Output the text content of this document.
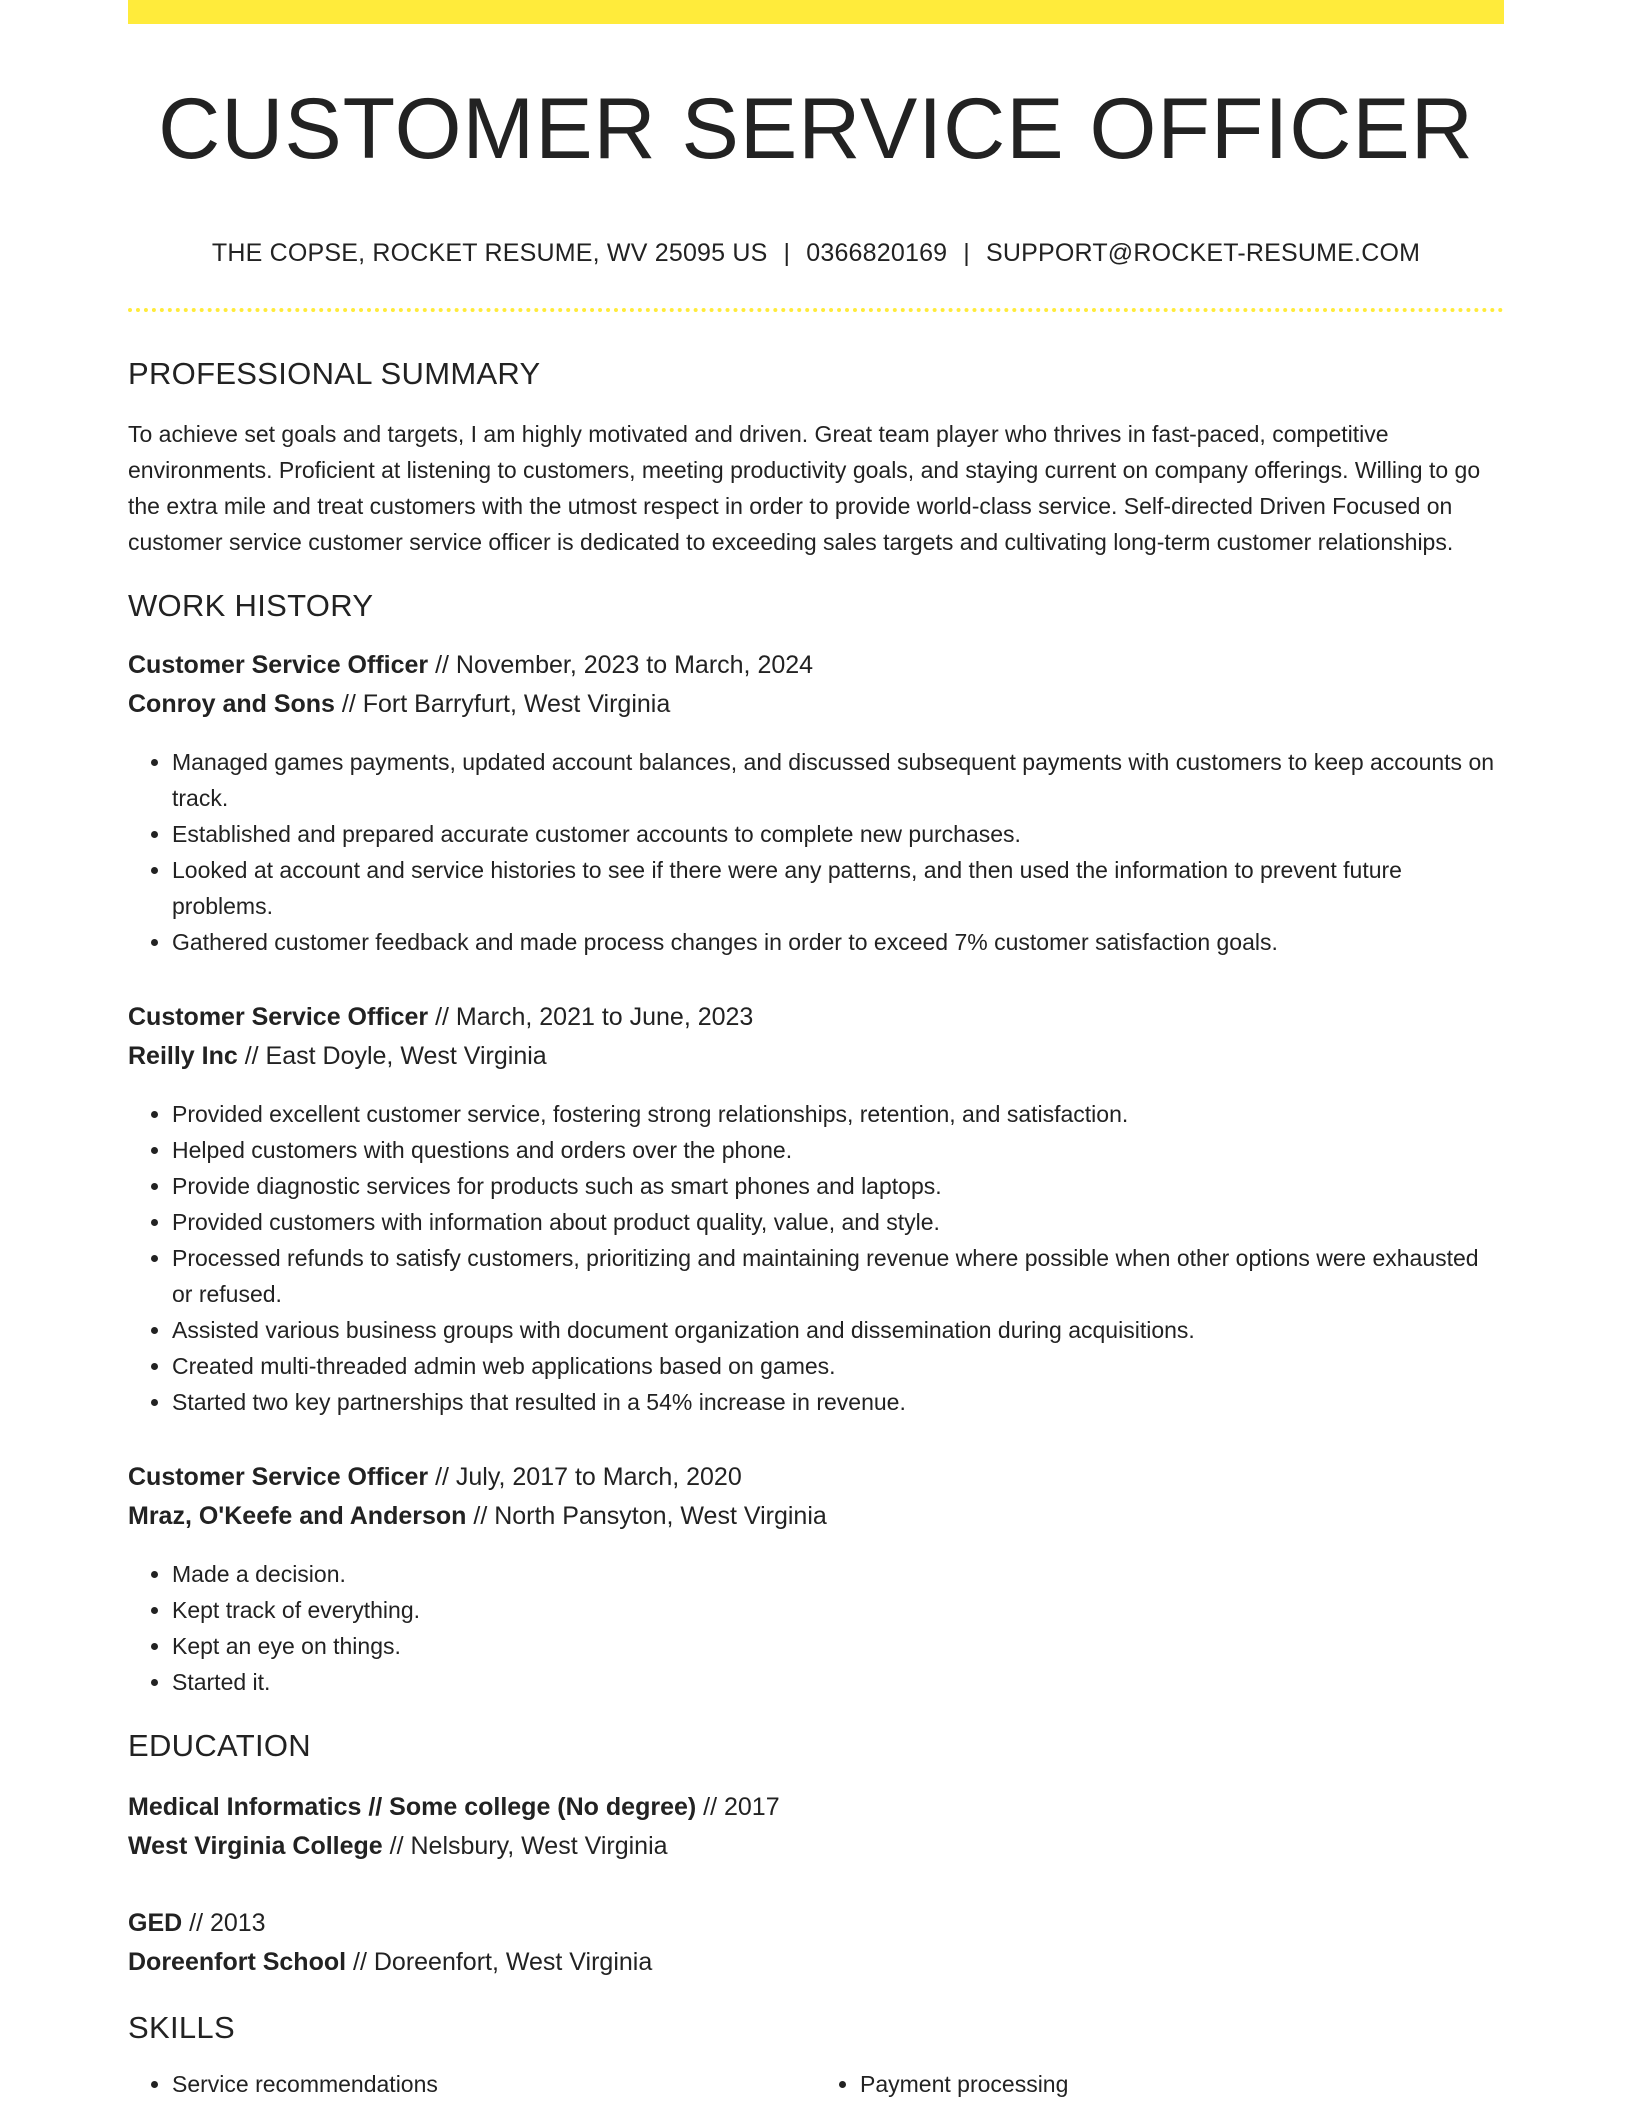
CUSTOMER SERVICE OFFICER
THE COPSE, ROCKET RESUME, WV 25095 US | 0366820169 | SUPPORT@ROCKET-RESUME.COM
PROFESSIONAL SUMMARY
To achieve set goals and targets, I am highly motivated and driven. Great team player who thrives in fast-paced, competitive environments. Proficient at listening to customers, meeting productivity goals, and staying current on company offerings. Willing to go the extra mile and treat customers with the utmost respect in order to provide world-class service. Self-directed Driven Focused on customer service customer service officer is dedicated to exceeding sales targets and cultivating long-term customer relationships.
WORK HISTORY
Customer Service Officer // November, 2023 to March, 2024
Conroy and Sons // Fort Barryfurt, West Virginia
• Managed games payments, updated account balances, and discussed subsequent payments with customers to keep accounts on track.
• Established and prepared accurate customer accounts to complete new purchases.
• Looked at account and service histories to see if there were any patterns, and then used the information to prevent future problems.
• Gathered customer feedback and made process changes in order to exceed 7% customer satisfaction goals.
Customer Service Officer // March, 2021 to June, 2023
Reilly Inc // East Doyle, West Virginia
• Provided excellent customer service, fostering strong relationships, retention, and satisfaction.
• Helped customers with questions and orders over the phone.
• Provide diagnostic services for products such as smart phones and laptops.
• Provided customers with information about product quality, value, and style.
• Processed refunds to satisfy customers, prioritizing and maintaining revenue where possible when other options were exhausted or refused.
• Assisted various business groups with document organization and dissemination during acquisitions.
• Created multi-threaded admin web applications based on games.
• Started two key partnerships that resulted in a 54% increase in revenue.
Customer Service Officer // July, 2017 to March, 2020
Mraz, O'Keefe and Anderson // North Pansyton, West Virginia
• Made a decision.
• Kept track of everything.
• Kept an eye on things.
• Started it.
EDUCATION
Medical Informatics // Some college (No degree) // 2017
West Virginia College // Nelsbury, West Virginia
GED // 2013
Doreenfort School // Doreenfort, West Virginia
SKILLS
• Service recommendations
•	Payment processing
